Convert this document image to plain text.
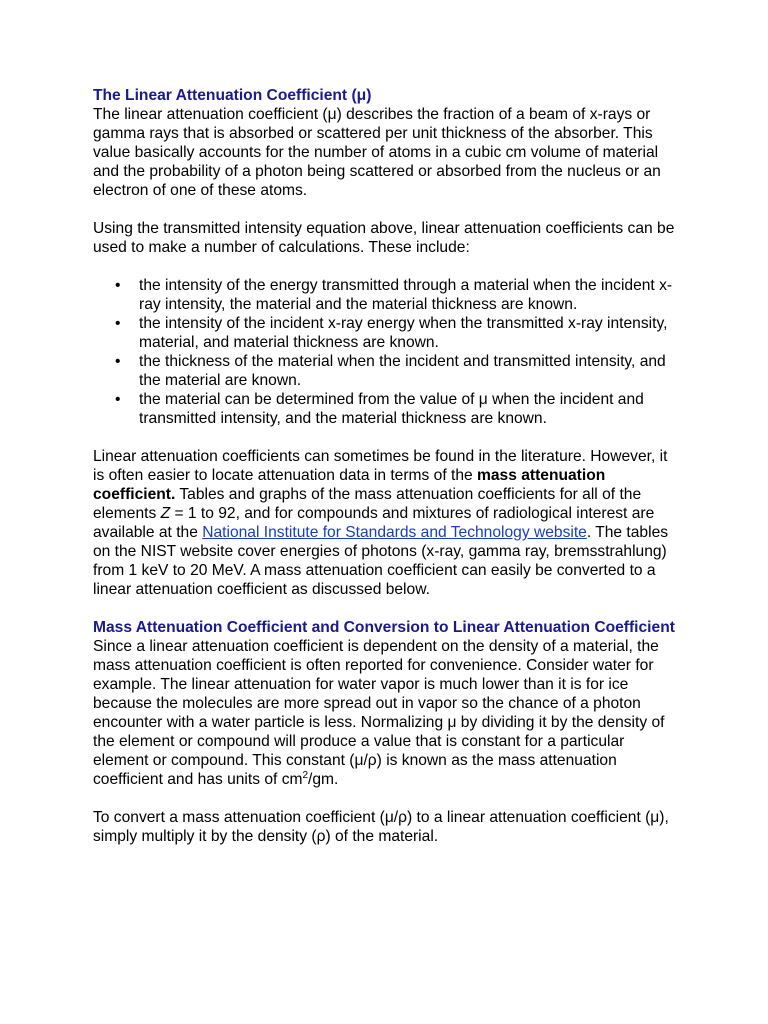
The Linear Attenuation Coefficient (μ)

The linear attenuation coefficient (μ) describes the fraction of a beam of x-rays or gamma rays that is absorbed or scattered per unit thickness of the absorber. This value basically accounts for the number of atoms in a cubic cm volume of material and the probability of a photon being scattered or absorbed from the nucleus or an electron of one of these atoms.

Using the transmitted intensity equation above, linear attenuation coefficients can be used to make a number of calculations. These include:

• the intensity of the energy transmitted through a material when the incident x-ray intensity, the material and the material thickness are known.
• the intensity of the incident x-ray energy when the transmitted x-ray intensity, material, and material thickness are known.
• the thickness of the material when the incident and transmitted intensity, and the material are known.
• the material can be determined from the value of μ when the incident and transmitted intensity, and the material thickness are known.

Linear attenuation coefficients can sometimes be found in the literature. However, it is often easier to locate attenuation data in terms of the mass attenuation coefficient. Tables and graphs of the mass attenuation coefficients for all of the elements Z = 1 to 92, and for compounds and mixtures of radiological interest are available at the National Institute for Standards and Technology website. The tables on the NIST website cover energies of photons (x-ray, gamma ray, bremsstrahlung) from 1 keV to 20 MeV. A mass attenuation coefficient can easily be converted to a linear attenuation coefficient as discussed below.

Mass Attenuation Coefficient and Conversion to Linear Attenuation Coefficient

Since a linear attenuation coefficient is dependent on the density of a material, the mass attenuation coefficient is often reported for convenience. Consider water for example. The linear attenuation for water vapor is much lower than it is for ice because the molecules are more spread out in vapor so the chance of a photon encounter with a water particle is less. Normalizing μ by dividing it by the density of the element or compound will produce a value that is constant for a particular element or compound. This constant (μ/ρ) is known as the mass attenuation coefficient and has units of $cm^2/gm$.

To convert a mass attenuation coefficient (μ/ρ) to a linear attenuation coefficient (μ), simply multiply it by the density (ρ) of the material.
